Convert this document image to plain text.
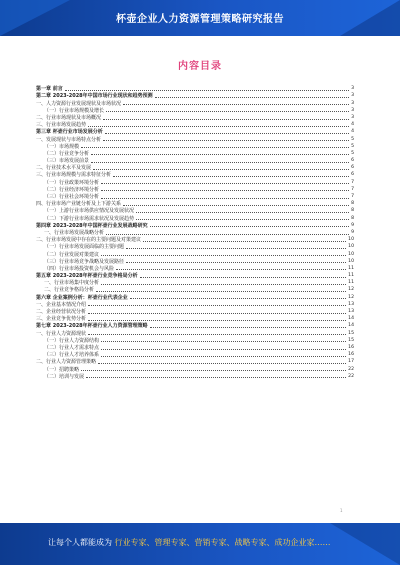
杯壶企业人力资源管理策略研究报告
内容目录
第一章 前言	3
第二章 2023-2028年中国市场行业现状和趋势预测	3
一、人力资源行业发展现状及市场状况	3
（一）行业市场规模及增长	3
二、行业市场现状及市场概况	3
三、行业市场发展趋势	4
第三章 杯壶行业市场发展分析	4
一、发展现状与市场特点分析	5
（一）市场规模	5
（二）行业竞争分析	5
（三）市场发展前景	6
二、行业技术水平及发展	6
三、行业市场规模与需求特征分析	6
（一）行业政策环境分析	7
（二）行业经济环境分析	7
（三）行业社会环境分析	7
四、行业市场产业链分析及上下游关系	8
（一）上游行业市场供应情况及发展状况	8
（二）下游行业市场需求状况及发展趋势	8
第四章 2023-2028年中国杯壶行业发展战略研究	9
一、行业市场发展战略分析	9
二、行业市场发展中存在的主要问题及对策建议	10
（一）行业市场发展面临的主要问题	10
（二）行业发展对策建议	10
（三）行业市场竞争战略及发展路径	10
（四）行业市场投资机会与风险	11
第五章 2023-2028年杯壶行业竞争格局分析	11
一、行业市场集中度分析	11
二、行业竞争格局分析	12
第六章 企业案例分析：杯壶行业代表企业	12
一、企业基本情况介绍	13
二、企业经营状况分析	13
三、企业竞争优势分析	14
第七章 2023-2028年杯壶行业人力资源管理策略	14
一、行业人力资源现状	15
（一）行业人力资源结构	15
（二）行业人才需求特点	16
（三）行业人才培养体系	16
二、行业人力资源管理策略	17
（一）招聘策略	22
（二）培训与发展	22
1
让每个人都能成为 行业专家、管理专家、营销专家、战略专家、成功企业家……
